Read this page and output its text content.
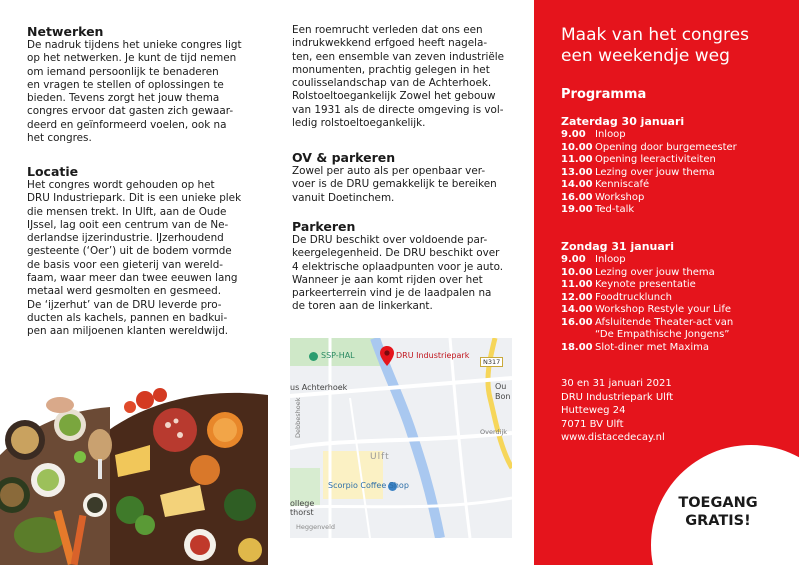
Netwerken
De nadruk tijdens het unieke congres ligt
op het netwerken. Je kunt de tijd nemen
om iemand persoonlijk te benaderen
en vragen te stellen of oplossingen te
bieden. Tevens zorgt het jouw thema
congres ervoor dat gasten zich gewaar-
deerd en geïnformeerd voelen, ook na
het congres.
Locatie
Het congres wordt gehouden op het
DRU Industriepark. Dit is een unieke plek
die mensen trekt. In Ulft, aan de Oude
IJssel, lag ooit een centrum van de Ne-
derlandse ijzerindustrie. IJzerhoudend
gesteente (‘Oer’) uit de bodem vormde
de basis voor een gieterij van wereld-
faam, waar meer dan twee eeuwen lang
metaal werd gesmolten en gesmeed.
De ‘ijzerhut’ van de DRU leverde pro-
ducten als kachels, pannen en badkui-
pen aan miljoenen klanten wereldwijd.
Een roemrucht verleden dat ons een
indrukwekkend erfgoed heeft nagela-
ten, een ensemble van zeven industriële
monumenten, prachtig gelegen in het
coulisselandschap van de Achterhoek.
Rolstoeltoegankelijk Zowel het gebouw
van 1931 als de directe omgeving is vol-
ledig rolstoeltoegankelijk.
OV & parkeren
Zowel per auto als per openbaar ver-
voer is de DRU gemakkelijk te bereiken
vanuit Doetinchem.
Parkeren
De DRU beschikt over voldoende par-
keergelegenheid. De DRU beschikt over
4 elektrische oplaadpunten voor je auto.
Wanneer je aan komt rijden over het
parkeerterrein vind je de laadpalen na
de toren aan de linkerkant.
SSP-HAL	DRU Industriepark
N317
us Achterhoek	Ou
Bon
Ulft
Overdijk
Debbeshoek
Scorpio Coffee Shop
ollege
thorst
Heggenveld
Maak van het congres
een weekendje weg
Programma
Zaterdag 30 januari
9.00 Inloop
10.00 Opening door burgemeester
11.00 Opening leeractiviteiten
13.00 Lezing over jouw thema
14.00 Kenniscafé
16.00 Workshop
19.00 Ted-talk
Zondag 31 januari
9.00 Inloop
10.00 Lezing over jouw thema
11.00 Keynote presentatie
12.00 Foodtrucklunch
14.00 Workshop Restyle your Life
16.00 Afsluitende Theater-act van
“De Empathische Jongens”
18.00 Slot-diner met Maxima
30 en 31 januari 2021
DRU Industriepark Ulft
Hutteweg 24
7071 BV Ulft
www.distacedecay.nl
TOEGANG
GRATIS!
